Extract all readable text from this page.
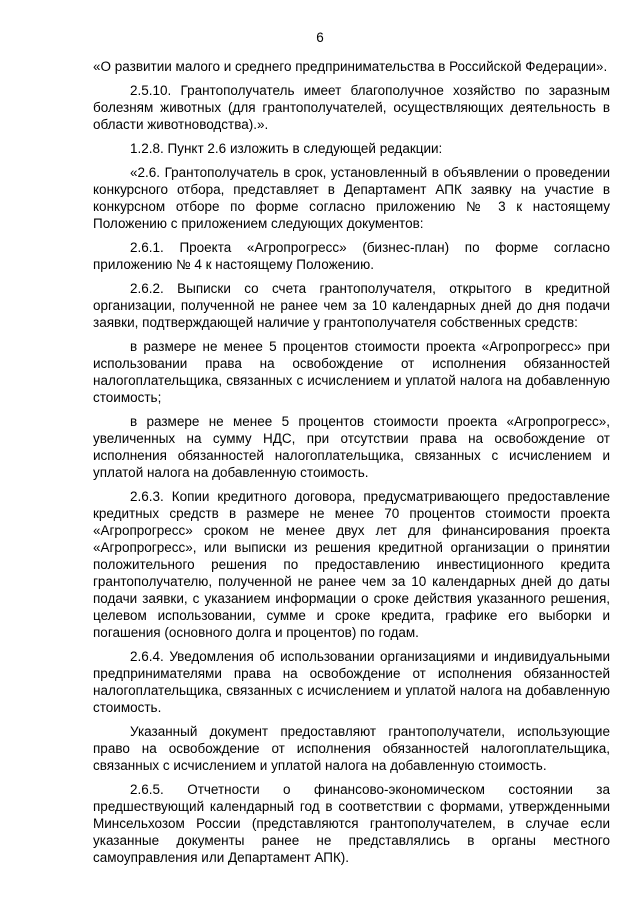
6

«О развитии малого и среднего предпринимательства в Российской Федерации».

2.5.10. Грантополучатель имеет благополучное хозяйство по заразным болезням животных (для грантополучателей, осуществляющих деятельность в области животноводства).».

1.2.8. Пункт 2.6 изложить в следующей редакции:

«2.6. Грантополучатель в срок, установленный в объявлении о проведении конкурсного отбора, представляет в Департамент АПК заявку на участие в конкурсном отборе по форме согласно приложению № 3 к настоящему Положению с приложением следующих документов:

2.6.1. Проекта «Агропрогресс» (бизнес-план) по форме согласно приложению № 4 к настоящему Положению.

2.6.2. Выписки со счета грантополучателя, открытого в кредитной организации, полученной не ранее чем за 10 календарных дней до дня подачи заявки, подтверждающей наличие у грантополучателя собственных средств:

в размере не менее 5 процентов стоимости проекта «Агропрогресс» при использовании права на освобождение от исполнения обязанностей налогоплательщика, связанных с исчислением и уплатой налога на добавленную стоимость;

в размере не менее 5 процентов стоимости проекта «Агропрогресс», увеличенных на сумму НДС, при отсутствии права на освобождение от исполнения обязанностей налогоплательщика, связанных с исчислением и уплатой налога на добавленную стоимость.

2.6.3. Копии кредитного договора, предусматривающего предоставление кредитных средств в размере не менее 70 процентов стоимости проекта «Агропрогресс» сроком не менее двух лет для финансирования проекта «Агропрогресс», или выписки из решения кредитной организации о принятии положительного решения по предоставлению инвестиционного кредита грантополучателю, полученной не ранее чем за 10 календарных дней до даты подачи заявки, с указанием информации о сроке действия указанного решения, целевом использовании, сумме и сроке кредита, графике его выборки и погашения (основного долга и процентов) по годам.

2.6.4. Уведомления об использовании организациями и индивидуальными предпринимателями права на освобождение от исполнения обязанностей налогоплательщика, связанных с исчислением и уплатой налога на добавленную стоимость.

Указанный документ предоставляют грантополучатели, использующие право на освобождение от исполнения обязанностей налогоплательщика, связанных с исчислением и уплатой налога на добавленную стоимость.

2.6.5. Отчетности о финансово-экономическом состоянии за предшествующий календарный год в соответствии с формами, утвержденными Минсельхозом России (представляются грантополучателем, в случае если указанные документы ранее не представлялись в органы местного самоуправления или Департамент АПК).
